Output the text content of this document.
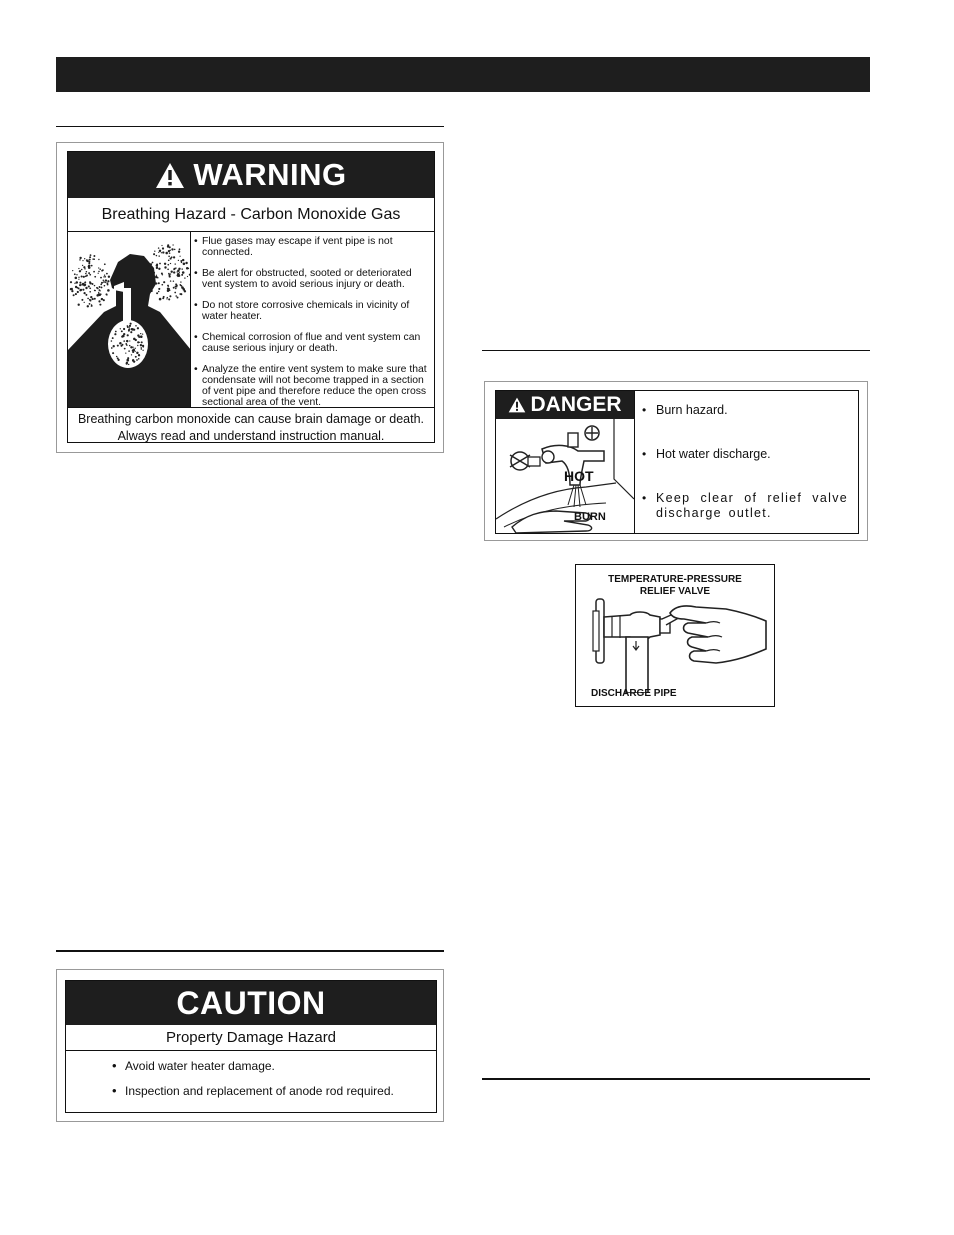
WARNING
Breathing Hazard - Carbon Monoxide Gas
• Flue gases may escape if vent pipe is not connected.
• Be alert for obstructed, sooted or deteriorated vent system to avoid serious injury or death.
• Do not store corrosive chemicals in vicinity of water heater.
• Chemical corrosion of flue and vent system can cause serious injury or death.
• Analyze the entire vent system to make sure that condensate will not become trapped in a section of vent pipe and therefore reduce the open cross sectional area of the vent.
Breathing carbon monoxide can cause brain damage or death.
Always read and understand instruction manual.
CAUTION
Property Damage Hazard
• Avoid water heater damage.
• Inspection and replacement of anode rod required.
DANGER
HOT
BURN
• Burn hazard.
• Hot water discharge.
• Keep clear of relief valve discharge outlet.
TEMPERATURE-PRESSURE RELIEF VALVE
DISCHARGE PIPE
